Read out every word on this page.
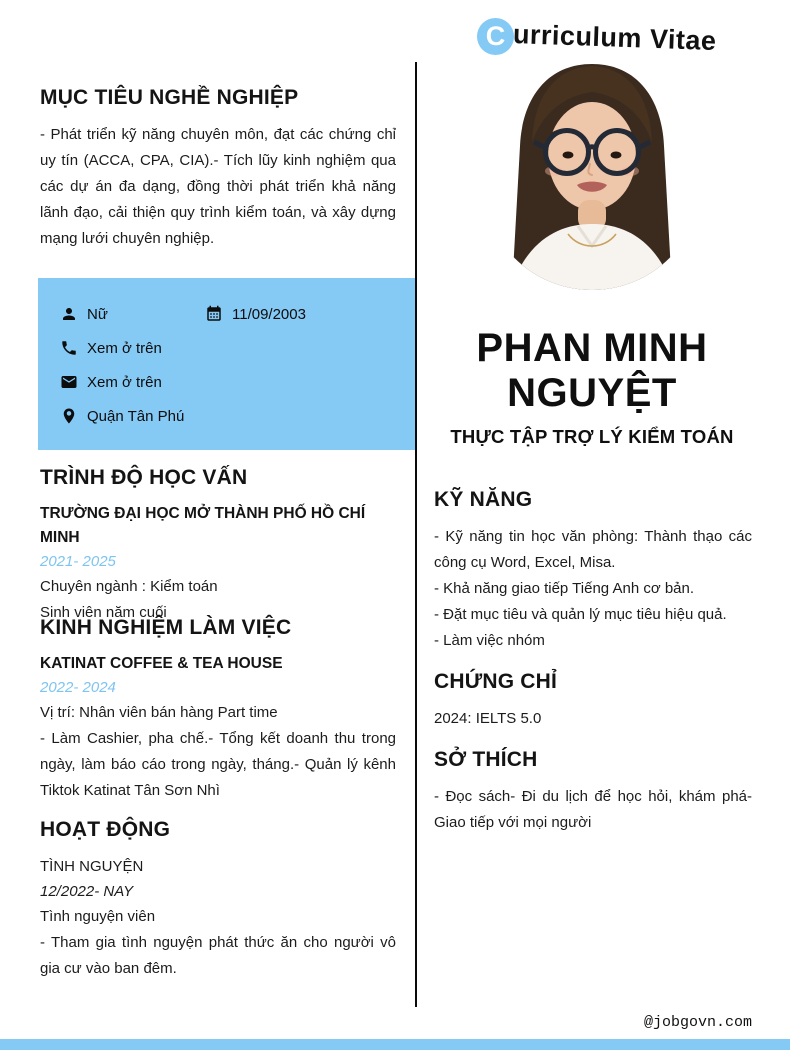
C urriculum Vitae
MỤC TIÊU NGHỀ NGHIỆP
- Phát triển kỹ năng chuyên môn, đạt các chứng chỉ uy tín (ACCA, CPA, CIA).- Tích lũy kinh nghiệm qua các dự án đa dạng, đồng thời phát triển khả năng lãnh đạo, cải thiện quy trình kiểm toán, và xây dựng mạng lưới chuyên nghiệp.
Nữ	11/09/2003
Xem ở trên
Xem ở trên
Quận Tân Phú
TRÌNH ĐỘ HỌC VẤN
TRƯỜNG ĐẠI HỌC MỞ THÀNH PHỐ HỒ CHÍ MINH
2021- 2025
Chuyên ngành : Kiểm toán
Sinh viên năm cuối
KINH NGHIỆM LÀM VIỆC
KATINAT COFFEE & TEA HOUSE
2022- 2024
Vị trí: Nhân viên bán hàng Part time
- Làm Cashier, pha chế.- Tổng kết doanh thu trong ngày, làm báo cáo trong ngày, tháng.- Quản lý kênh Tiktok Katinat Tân Sơn Nhì
HOẠT ĐỘNG
TÌNH NGUYỆN
12/2022- NAY
Tình nguyện viên
- Tham gia tình nguyện phát thức ăn cho người vô gia cư vào ban đêm.
PHAN MINH
NGUYỆT
THỰC TẬP TRỢ LÝ KIỂM TOÁN
KỸ NĂNG
- Kỹ năng tin học văn phòng: Thành thạo các công cụ Word, Excel, Misa.
- Khả năng giao tiếp Tiếng Anh cơ bản.
- Đặt mục tiêu và quản lý mục tiêu hiệu quả.
- Làm việc nhóm
CHỨNG CHỈ
2024: IELTS 5.0
SỞ THÍCH
- Đọc sách- Đi du lịch để học hỏi, khám phá- Giao tiếp với mọi người
@jobgovn.com
